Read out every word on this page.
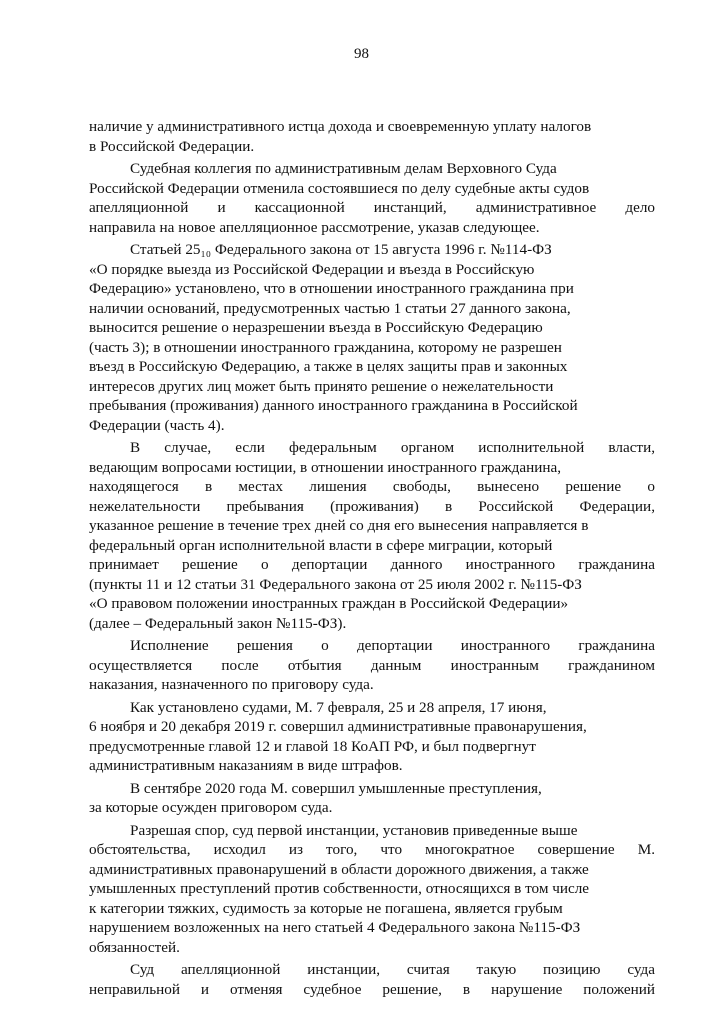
98
наличие у административного истца дохода и своевременную уплату налогов
в Российской Федерации.
Судебная коллегия по административным делам Верховного Суда
Российской Федерации отменила состоявшиеся по делу судебные акты судов
апелляционной и кассационной инстанций, административное дело
направила на новое апелляционное рассмотрение, указав следующее.
Статьей 25₁₀ Федерального закона от 15 августа 1996 г. №114-ФЗ
«О порядке выезда из Российской Федерации и въезда в Российскую
Федерацию» установлено, что в отношении иностранного гражданина при
наличии оснований, предусмотренных частью 1 статьи 27 данного закона,
выносится решение о неразрешении въезда в Российскую Федерацию
(часть 3); в отношении иностранного гражданина, которому не разрешен
въезд в Российскую Федерацию, а также в целях защиты прав и законных
интересов других лиц может быть принято решение о нежелательности
пребывания (проживания) данного иностранного гражданина в Российской
Федерации (часть 4).
В случае, если федеральным органом исполнительной власти,
ведающим вопросами юстиции, в отношении иностранного гражданина,
находящегося в местах лишения свободы, вынесено решение о
нежелательности пребывания (проживания) в Российской Федерации,
указанное решение в течение трех дней со дня его вынесения направляется в
федеральный орган исполнительной власти в сфере миграции, который
принимает решение о депортации данного иностранного гражданина
(пункты 11 и 12 статьи 31 Федерального закона от 25 июля 2002 г. №115-ФЗ
«О правовом положении иностранных граждан в Российской Федерации»
(далее – Федеральный закон №115-ФЗ).
Исполнение решения о депортации иностранного гражданина
осуществляется после отбытия данным иностранным гражданином
наказания, назначенного по приговору суда.
Как установлено судами, М. 7 февраля, 25 и 28 апреля, 17 июня,
6 ноября и 20 декабря 2019 г. совершил административные правонарушения,
предусмотренные главой 12 и главой 18 КоАП РФ, и был подвергнут
административным наказаниям в виде штрафов.
В сентябре 2020 года М. совершил умышленные преступления,
за которые осужден приговором суда.
Разрешая спор, суд первой инстанции, установив приведенные выше
обстоятельства, исходил из того, что многократное совершение М.
административных правонарушений в области дорожного движения, а также
умышленных преступлений против собственности, относящихся в том числе
к категории тяжких, судимость за которые не погашена, является грубым
нарушением возложенных на него статьей 4 Федерального закона №115-ФЗ
обязанностей.
Суд апелляционной инстанции, считая такую позицию суда
неправильной и отменяя судебное решение, в нарушение положений
